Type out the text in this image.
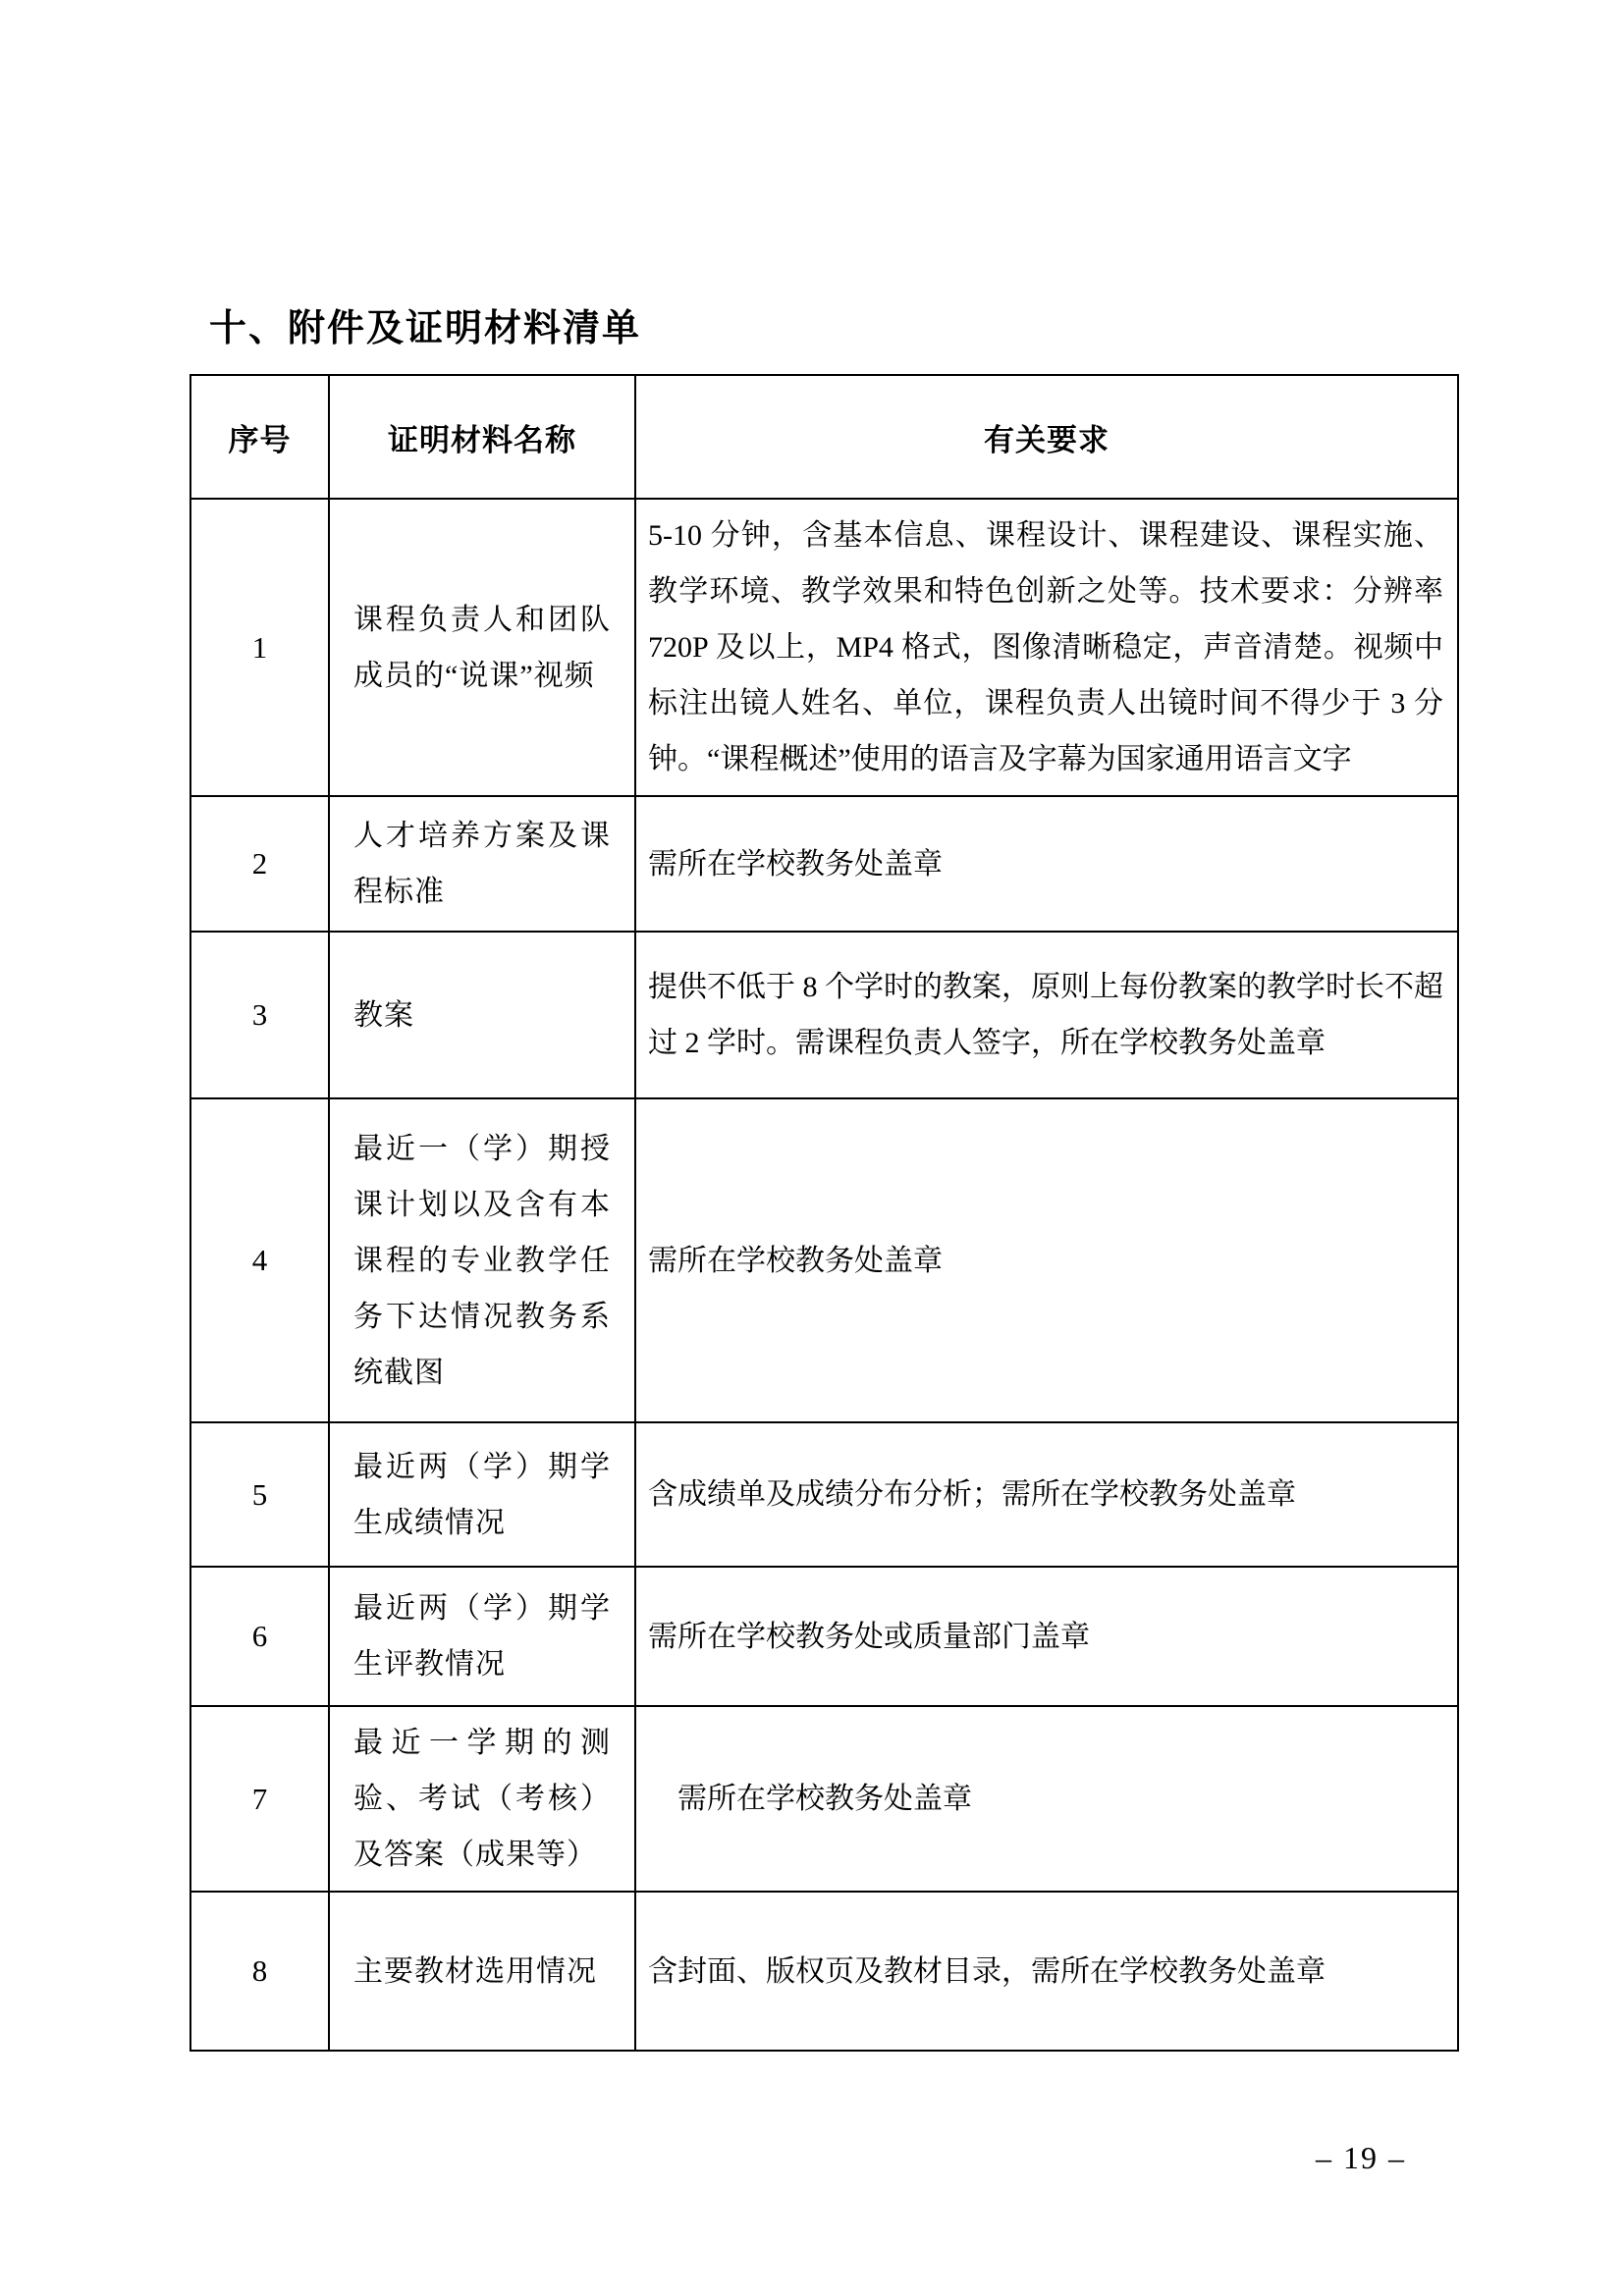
十、附件及证明材料清单
序号	证明材料名称	有关要求
1	课程负责人和团队成员的“说课”视频	5-10 分钟，含基本信息、课程设计、课程建设、课程实施、教学环境、教学效果和特色创新之处等。技术要求：分辨率 720P 及以上，MP4 格式，图像清晰稳定，声音清楚。视频中标注出镜人姓名、单位，课程负责人出镜时间不得少于 3 分钟。“课程概述”使用的语言及字幕为国家通用语言文字
2	人才培养方案及课程标准	需所在学校教务处盖章
3	教案	提供不低于 8 个学时的教案，原则上每份教案的教学时长不超过 2 学时。需课程负责人签字，所在学校教务处盖章
4	最近一（学）期授课计划以及含有本课程的专业教学任务下达情况教务系统截图	需所在学校教务处盖章
5	最近两（学）期学生成绩情况	含成绩单及成绩分布分析；需所在学校教务处盖章
6	最近两（学）期学生评教情况	需所在学校教务处或质量部门盖章
7	最近一学期的测验、考试（考核）及答案（成果等）	　需所在学校教务处盖章
8	主要教材选用情况	含封面、版权页及教材目录，需所在学校教务处盖章
– 19 –
